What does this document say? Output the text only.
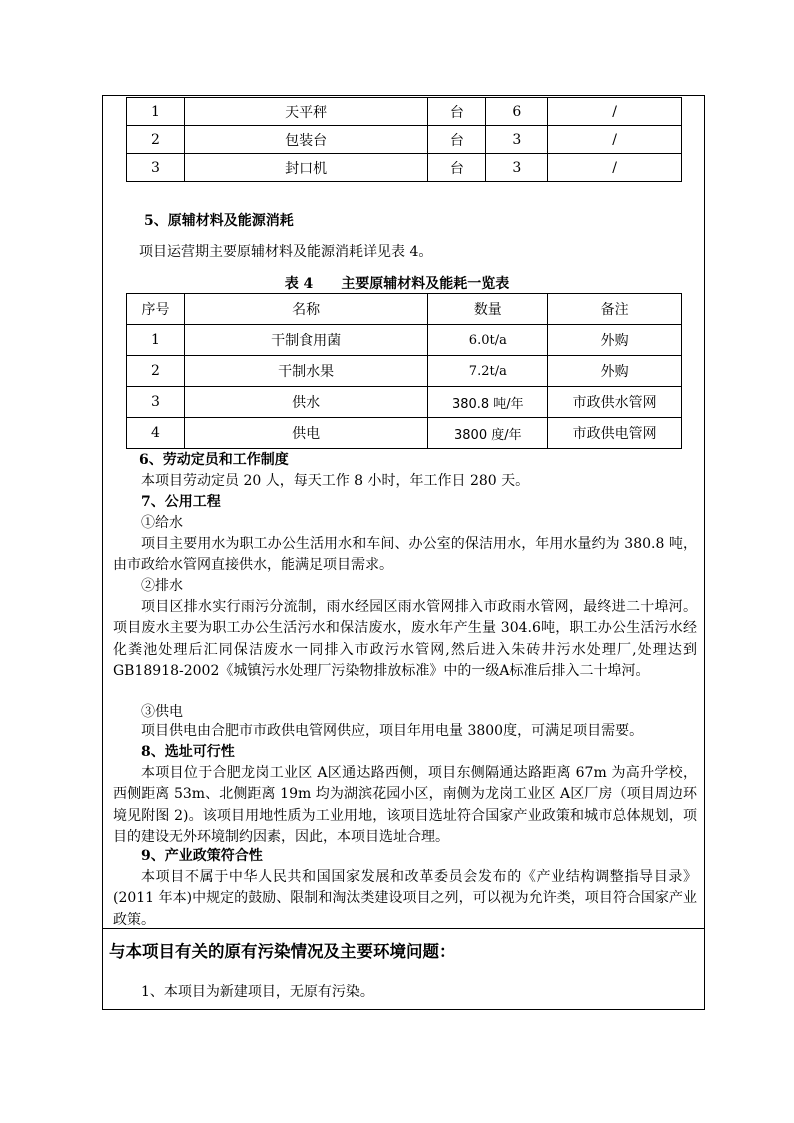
1	天平秤	台	6	/
2	包装台	台	3	/
3	封口机	台	3	/
5、原辅材料及能源消耗
项目运营期主要原辅材料及能源消耗详见表 4。
表 4 主要原辅材料及能耗一览表
序号	名称	数量	备注
1	干制食用菌	6.0t/a	外购
2	干制水果	7.2t/a	外购
3	供水	380.8 吨/年	市政供水管网
4	供电	3800 度/年	市政供电管网
6、劳动定员和工作制度
本项目劳动定员 20 人，每天工作 8 小时，年工作日 280 天。
7、公用工程
①给水
项目主要用水为职工办公生活用水和车间、办公室的保洁用水，年用水量约为 380.8 吨，由市政给水管网直接供水，能满足项目需求。
②排水
项目区排水实行雨污分流制，雨水经园区雨水管网排入市政雨水管网，最终进二十埠河。项目废水主要为职工办公生活污水和保洁废水，废水年产生量 304.6吨，职工办公生活污水经化粪池处理后汇同保洁废水一同排入市政污水管网,然后进入朱砖井污水处理厂,处理达到 GB18918-2002《城镇污水处理厂污染物排放标准》中的一级A标准后排入二十埠河。
③供电
项目供电由合肥市市政供电管网供应，项目年用电量 3800度，可满足项目需要。
8、选址可行性
本项目位于合肥龙岗工业区 A区通达路西侧，项目东侧隔通达路距离 67m 为高升学校，西侧距离 53m、北侧距离 19m 均为湖滨花园小区，南侧为龙岗工业区 A区厂房（项目周边环境见附图 2)。该项目用地性质为工业用地，该项目选址符合国家产业政策和城市总体规划，项目的建设无外环境制约因素，因此，本项目选址合理。
9、产业政策符合性
本项目不属于中华人民共和国国家发展和改革委员会发布的《产业结构调整指导目录》(2011 年本)中规定的鼓励、限制和淘汰类建设项目之列，可以视为允许类，项目符合国家产业政策。
与本项目有关的原有污染情况及主要环境问题：
1、本项目为新建项目，无原有污染。
